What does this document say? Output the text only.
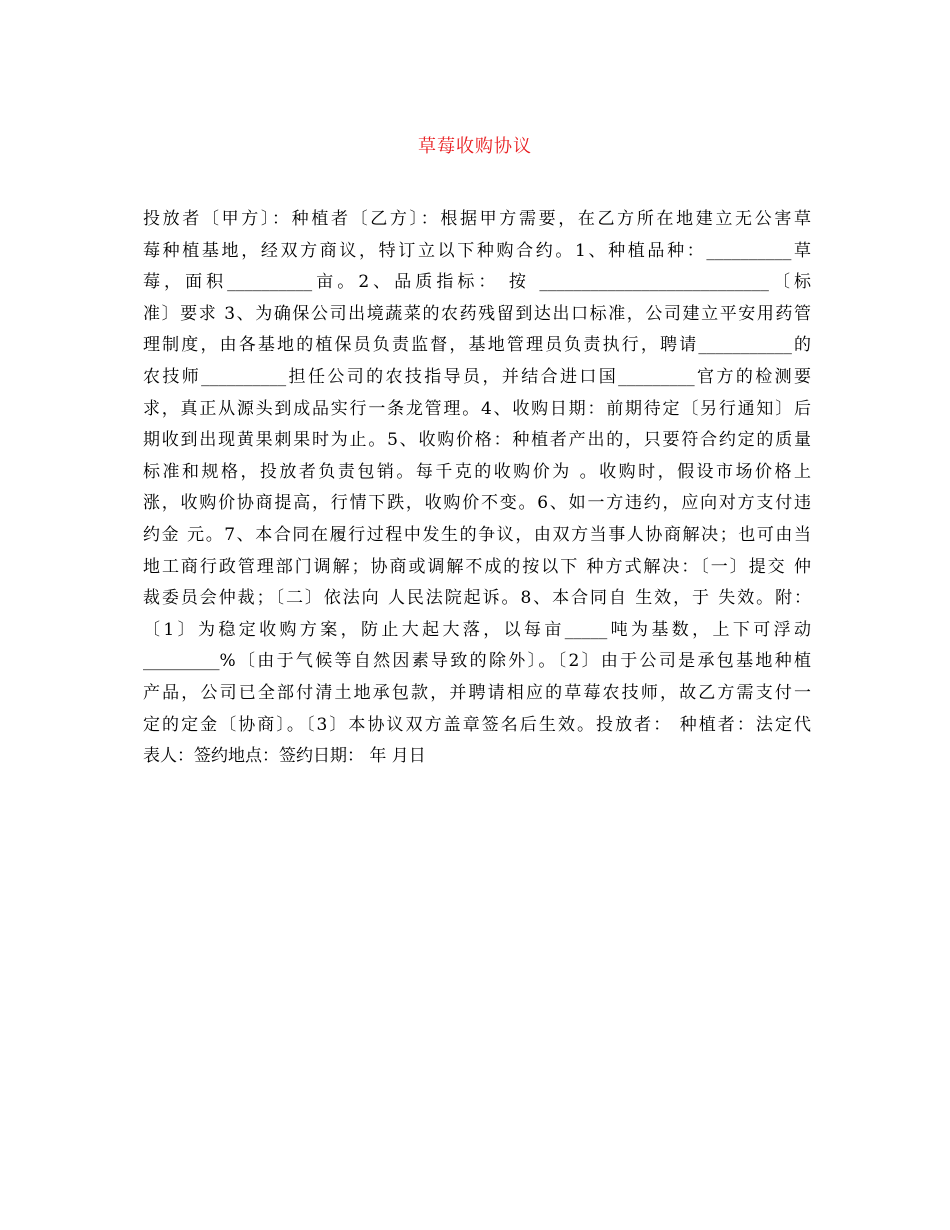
草莓收购协议
投放者〔甲方〕：种植者〔乙方〕：根据甲方需要，在乙方所在地建立无公害草
莓种植基地，经双方商议，特订立以下种购合约。1、种植品种：__________草
莓，面积__________亩。2、品质指标： 按 ___________________________〔标
准〕要求 3、为确保公司出境蔬菜的农药残留到达出口标准，公司建立平安用药管
理制度，由各基地的植保员负责监督，基地管理员负责执行，聘请___________的
农技师__________担任公司的农技指导员，并结合进口国_________官方的检测要
求，真正从源头到成品实行一条龙管理。4、收购日期：前期待定〔另行通知〕后
期收到出现黄果刺果时为止。5、收购价格：种植者产出的，只要符合约定的质量
标准和规格，投放者负责包销。每千克的收购价为 。收购时，假设市场价格上
涨，收购价协商提高，行情下跌，收购价不变。6、如一方违约，应向对方支付违
约金 元。7、本合同在履行过程中发生的争议，由双方当事人协商解决；也可由当
地工商行政管理部门调解；协商或调解不成的按以下 种方式解决：〔一〕提交 仲
裁委员会仲裁；〔二〕依法向 人民法院起诉。8、本合同自 生效，于 失效。附：
〔1〕为稳定收购方案，防止大起大落，以每亩_____吨为基数，上下可浮动
_________%〔由于气候等自然因素导致的除外〕。〔2〕由于公司是承包基地种植
产品，公司已全部付清土地承包款，并聘请相应的草莓农技师，故乙方需支付一
定的定金〔协商〕。〔3〕本协议双方盖章签名后生效。投放者： 种植者：法定代
表人：签约地点：签约日期： 年 月日
